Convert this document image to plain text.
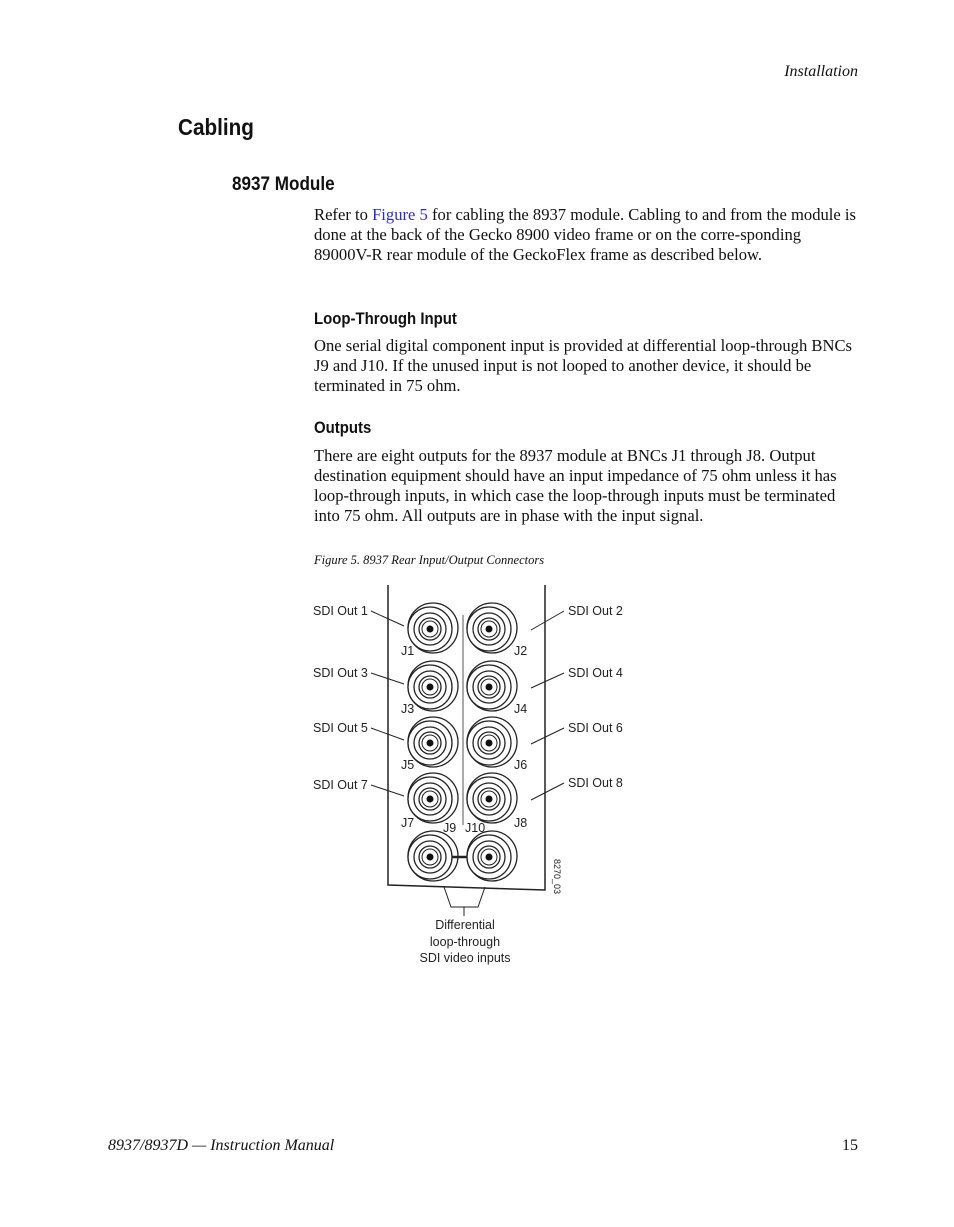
Installation
Cabling
8937 Module
Refer to Figure 5 for cabling the 8937 module. Cabling to and from the module is done at the back of the Gecko 8900 video frame or on the corre-sponding 89000V-R rear module of the GeckoFlex frame as described below.
Loop-Through Input
One serial digital component input is provided at differential loop-through BNCs J9 and J10. If the unused input is not looped to another device, it should be terminated in 75 ohm.
Outputs
There are eight outputs for the 8937 module at BNCs J1 through J8. Output destination equipment should have an input impedance of 75 ohm unless it has loop-through inputs, in which case the loop-through inputs must be terminated into 75 ohm. All outputs are in phase with the input signal.
Figure 5. 8937 Rear Input/Output Connectors
SDI Out 1
SDI Out 3
SDI Out 5
SDI Out 7
SDI Out 2
SDI Out 4
SDI Out 6
SDI Out 8
J1	J2
J3	J4
J5	J6
J7	J8
J9 J10
8270_03
Differential
loop-through
SDI video inputs
8937/8937D — Instruction Manual	15
